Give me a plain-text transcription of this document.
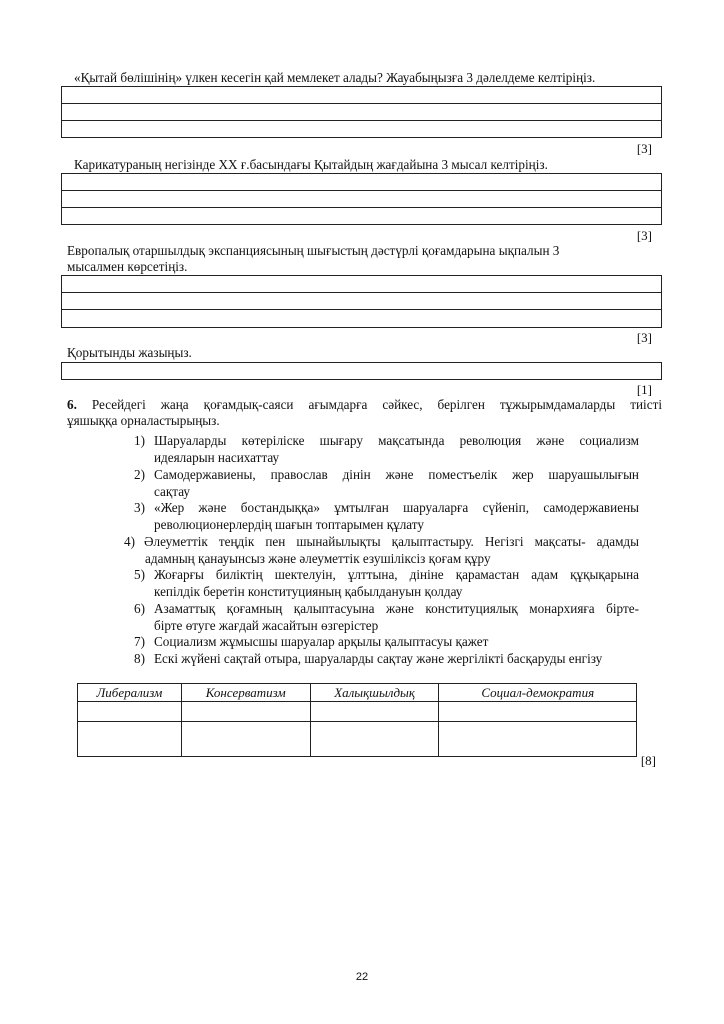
«Қытай бөлішінің» үлкен кесегін қай мемлекет алады? Жауабыңызға 3 дәлелдеме келтіріңіз.
[3]
Карикатураның негізінде ХХ ғ.басындағы Қытайдың жағдайына 3 мысал келтіріңіз.
[3]
Европалық отаршылдық экспанциясының шығыстың дәстүрлі қоғамдарына ықпалын 3
мысалмен көрсетіңіз.
[3]
Қорытынды жазыңыз.
[1]
6. Ресейдегі жаңа қоғамдық-саяси ағымдарға сәйкес, берілген тұжырымдамаларды тиісті
ұяшыққа орналастырыңыз.
1) Шаруаларды көтеріліске шығару мақсатында революция және социализм
идеяларын насихаттау
2) Самодержавиены, православ дінін және поместъелік жер шаруашылығын
сақтау
3) «Жер және бостандыққа» ұмтылған шаруаларға сүйеніп, самодержавиены
революционерлердің шағын топтарымен құлату
4) Әлеуметтік теңдік пен шынайылықты қалыптастыру. Негізгі мақсаты- адамды
адамның қанауынсыз және әлеуметтік езушіліксіз қоғам құру
5) Жоғарғы биліктің шектелуін, ұлттына, дініне қарамастан адам құқықарына
кепілдік беретін конституцияның қабылдануын қолдау
6) Азаматтық қоғамның қалыптасуына және конституциялық монархияға біртe-
біртe өтуге жағдай жасайтын өзгерістер
7) Социализм жұмысшы шаруалар арқылы қалыптасуы қажет
8) Ескі жүйені сақтай отыра, шаруаларды сақтау және жергілікті басқаруды енгізу
Либерализм	Консерватизм	Халықшылдық	Социал-демократия

[8]
22
